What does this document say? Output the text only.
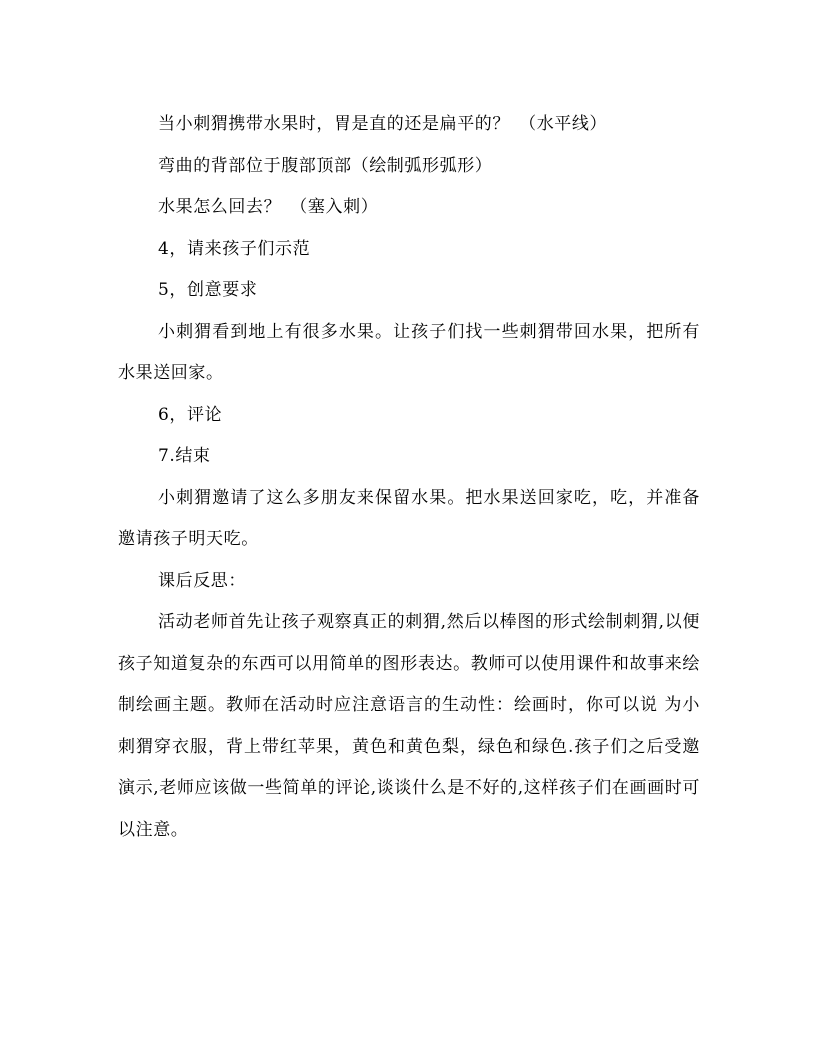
当小刺猬携带水果时，胃是直的还是扁平的？　（水平线）

弯曲的背部位于腹部顶部（绘制弧形弧形）

水果怎么回去？　（塞入刺）

4，请来孩子们示范

5，创意要求

小刺猬看到地上有很多水果。让孩子们找一些刺猬带回水果，把所有水果送回家。

6，评论

7.结束

小刺猬邀请了这么多朋友来保留水果。把水果送回家吃，吃，并准备邀请孩子明天吃。

课后反思：

活动老师首先让孩子观察真正的刺猬,然后以棒图的形式绘制刺猬,以便孩子知道复杂的东西可以用简单的图形表达。教师可以使用课件和故事来绘制绘画主题。教师在活动时应注意语言的生动性：绘画时，你可以说 为小刺猬穿衣服，背上带红苹果，黄色和黄色梨，绿色和绿色.孩子们之后受邀演示,老师应该做一些简单的评论,谈谈什么是不好的,这样孩子们在画画时可以注意。
